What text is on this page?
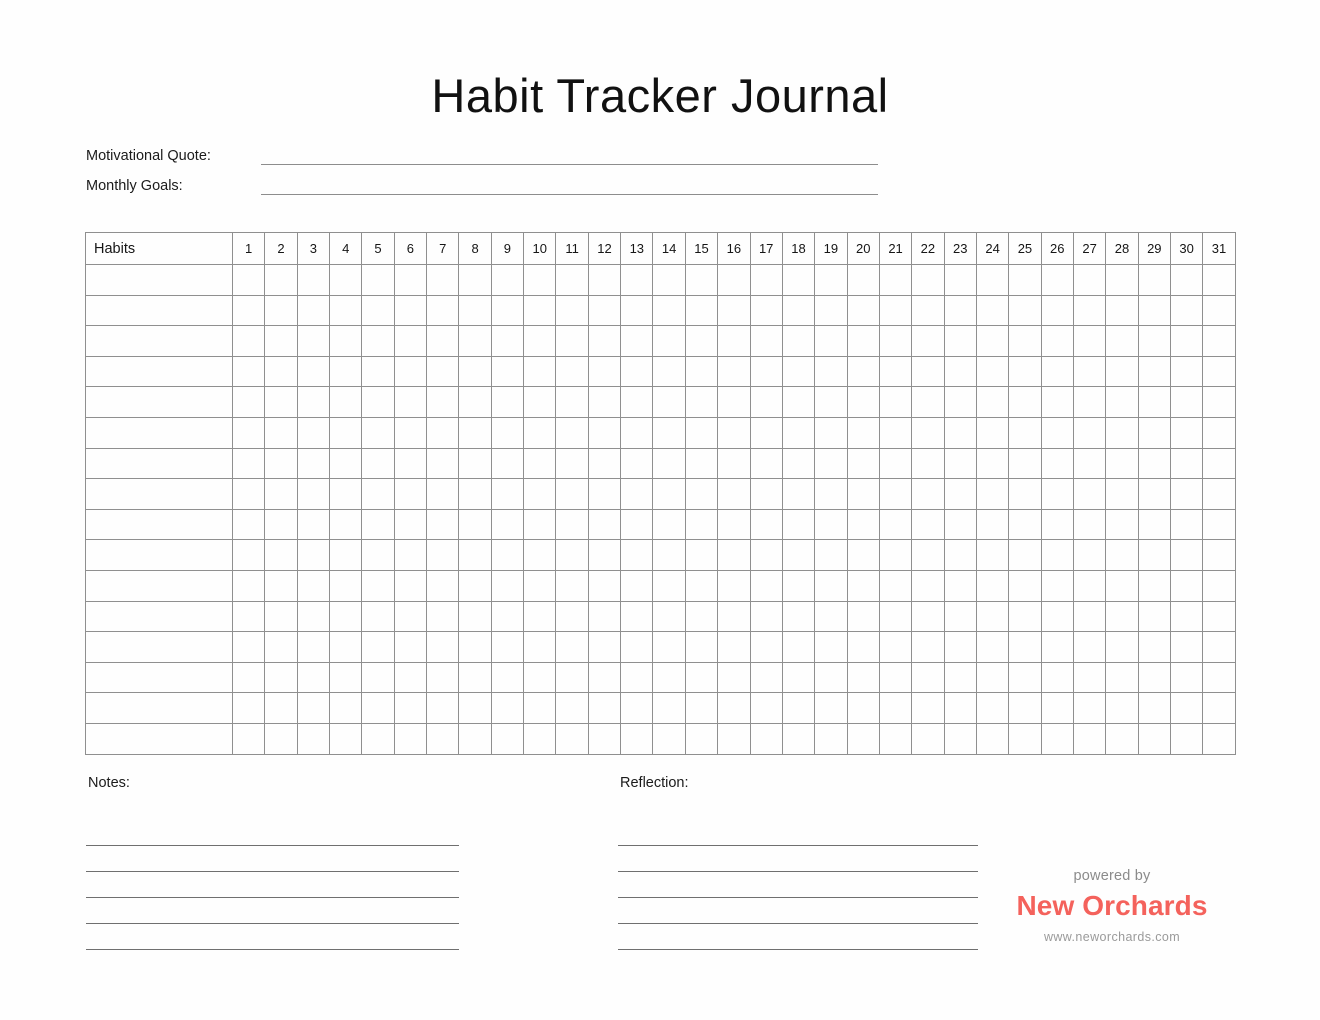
Habit Tracker Journal
Motivational Quote:
Monthly Goals:
Habits	1	2	3	4	5	6	7	8	9	10	11	12	13	14	15	16	17	18	19	20	21	22	23	24	25	26	27	28	29	30	31

Notes:	Reflection:
powered by
New Orchards
www.neworchards.com
